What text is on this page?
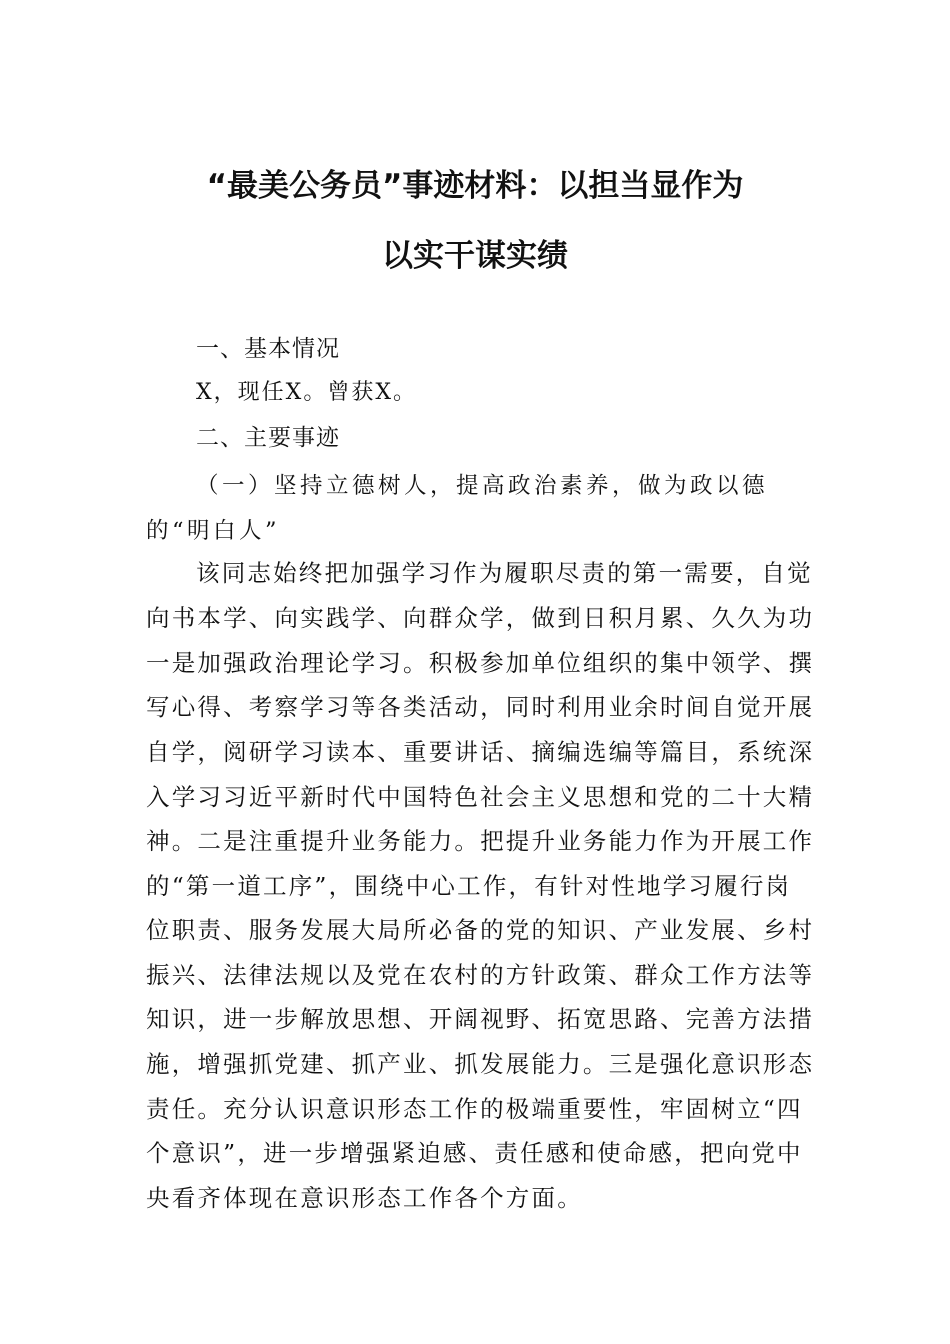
“最美公务员”事迹材料：以担当显作为
以实干谋实绩
一、基本情况
X，现任X。曾获X。
二、主要事迹

（一）坚持立德树人，提高政治素养，做为政以德的“明白人”

该同志始终把加强学习作为履职尽责的第一需要，自觉
向书本学、向实践学、向群众学，做到日积月累、久久为功
一是加强政治理论学习。积极参加单位组织的集中领学、撰
写心得、考察学习等各类活动，同时利用业余时间自觉开展
自学，阅研学习读本、重要讲话、摘编选编等篇目，系统深
入学习习近平新时代中国特色社会主义思想和党的二十大精
神。二是注重提升业务能力。把提升业务能力作为开展工作
的“第一道工序”，围绕中心工作，有针对性地学习履行岗
位职责、服务发展大局所必备的党的知识、产业发展、乡村
振兴、法律法规以及党在农村的方针政策、群众工作方法等
知识，进一步解放思想、开阔视野、拓宽思路、完善方法措
施，增强抓党建、抓产业、抓发展能力。三是强化意识形态
责任。充分认识意识形态工作的极端重要性，牢固树立“四
个意识”，进一步增强紧迫感、责任感和使命感，把向党中
央看齐体现在意识形态工作各个方面。
